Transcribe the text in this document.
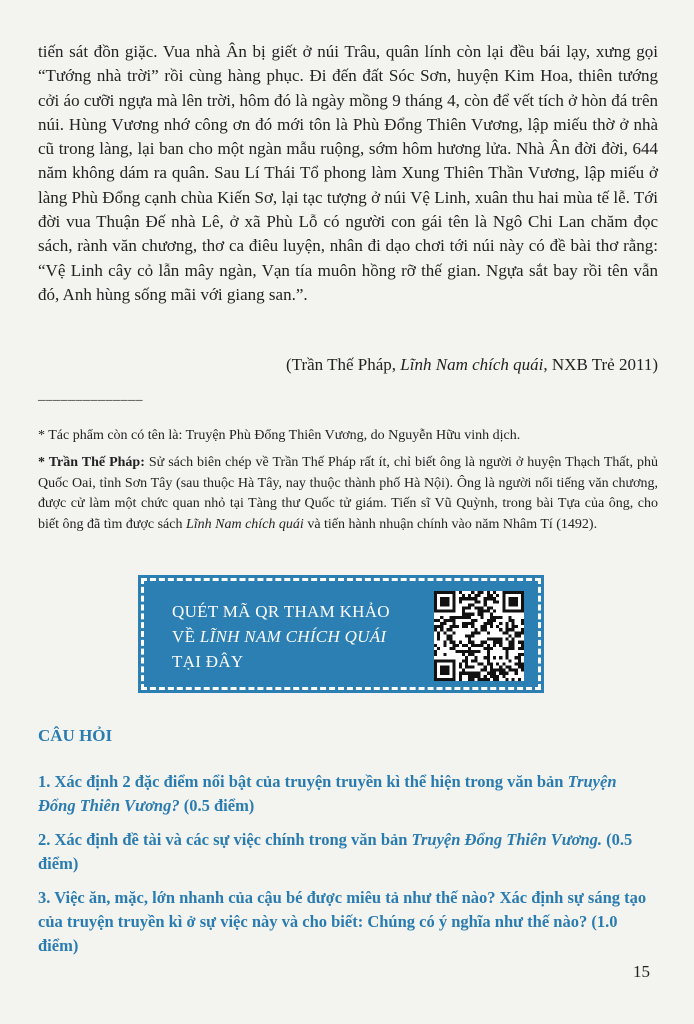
tiến sát đồn giặc. Vua nhà Ân bị giết ở núi Trâu, quân lính còn lại đều bái lạy, xưng gọi “Tướng nhà trời” rồi cùng hàng phục. Đi đến đất Sóc Sơn, huyện Kim Hoa, thiên tướng cởi áo cưỡi ngựa mà lên trời, hôm đó là ngày mồng 9 tháng 4, còn để vết tích ở hòn đá trên núi. Hùng Vương nhớ công ơn đó mới tôn là Phù Đổng Thiên Vương, lập miếu thờ ở nhà cũ trong làng, lại ban cho một ngàn mẫu ruộng, sớm hôm hương lửa. Nhà Ân đời đời, 644 năm không dám ra quân. Sau Lí Thái Tổ phong làm Xung Thiên Thần Vương, lập miếu ở làng Phù Đổng cạnh chùa Kiến Sơ, lại tạc tượng ở núi Vệ Linh, xuân thu hai mùa tế lễ. Tới đời vua Thuận Đế nhà Lê, ở xã Phù Lỗ có người con gái tên là Ngô Chi Lan chăm đọc sách, rành văn chương, thơ ca điêu luyện, nhân đi dạo chơi tới núi này có đề bài thơ rằng: “Vệ Linh cây cỏ lẫn mây ngàn, Vạn tía muôn hồng rỡ thế gian. Ngựa sắt bay rồi tên vẫn đó, Anh hùng sống mãi với giang san.”.

(Trần Thế Pháp, Lĩnh Nam chích quái, NXB Trẻ 2011)

______________

* Tác phẩm còn có tên là: Truyện Phù Đổng Thiên Vương, do Nguyễn Hữu vinh dịch.

* Trần Thế Pháp: Sử sách biên chép về Trần Thế Pháp rất ít, chỉ biết ông là người ở huyện Thạch Thất, phủ Quốc Oai, tỉnh Sơn Tây (sau thuộc Hà Tây, nay thuộc thành phố Hà Nội). Ông là người nổi tiếng văn chương, được cử làm một chức quan nhỏ tại Tàng thư Quốc tử giám. Tiến sĩ Vũ Quỳnh, trong bài Tựa của ông, cho biết ông đã tìm được sách Lĩnh Nam chích quái và tiến hành nhuận chính vào năm Nhâm Tí (1492).

QUÉT MÃ QR THAM KHẢO
VỀ LĨNH NAM CHÍCH QUÁI
TẠI ĐÂY

CÂU HỎI

1. Xác định 2 đặc điểm nổi bật của truyện truyền kì thể hiện trong văn bản Truyện Đổng Thiên Vương? (0.5 điểm)

2. Xác định đề tài và các sự việc chính trong văn bản Truyện Đổng Thiên Vương. (0.5 điểm)

3. Việc ăn, mặc, lớn nhanh của cậu bé được miêu tả như thế nào? Xác định sự sáng tạo của truyện truyền kì ở sự việc này và cho biết: Chúng có ý nghĩa như thế nào? (1.0 điểm)

15
